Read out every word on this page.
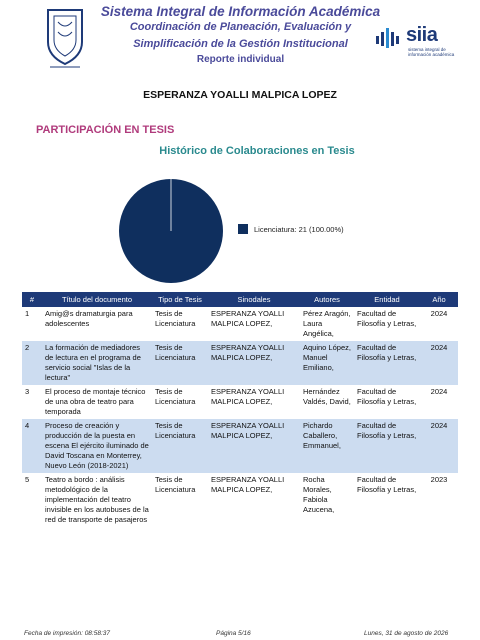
Sistema Integral de Información Académica
Coordinación de Planeación, Evaluación y
Simplificación de la Gestión Institucional
Reporte individual
siia
sistema integral de información académica
ESPERANZA YOALLI MALPICA LOPEZ
PARTICIPACIÓN EN TESIS
Histórico de Colaboraciones en Tesis
Licenciatura: 21 (100.00%)
#	Título del documento	Tipo de Tesis	Sinodales	Autores	Entidad	Año
1	Amig@s dramaturgia para adolescentes	Tesis de Licenciatura	ESPERANZA YOALLI MALPICA LOPEZ,	Pérez Aragón, Laura Angélica,	Facultad de Filosofía y Letras,	2024
2	La formación de mediadores de lectura en el programa de servicio social "Islas de la lectura"	Tesis de Licenciatura	ESPERANZA YOALLI MALPICA LOPEZ,	Aquino López, Manuel Emiliano,	Facultad de Filosofía y Letras,	2024
3	El proceso de montaje técnico de una obra de teatro para temporada	Tesis de Licenciatura	ESPERANZA YOALLI MALPICA LOPEZ,	Hernández Valdés, David,	Facultad de Filosofía y Letras,	2024
4	Proceso de creación y producción de la puesta en escena El ejército iluminado de David Toscana en Monterrey, Nuevo León (2018-2021)	Tesis de Licenciatura	ESPERANZA YOALLI MALPICA LOPEZ,	Pichardo Caballero, Emmanuel,	Facultad de Filosofía y Letras,	2024
5	Teatro a bordo : análisis metodológico de la implementación del teatro invisible en los autobuses de la red de transporte de pasajeros	Tesis de Licenciatura	ESPERANZA YOALLI MALPICA LOPEZ,	Rocha Morales, Fabiola Azucena,	Facultad de Filosofía y Letras,	2023
Fecha de impresión: 08:58:37	Página 5/16	Lunes, 31 de agosto de 2026
